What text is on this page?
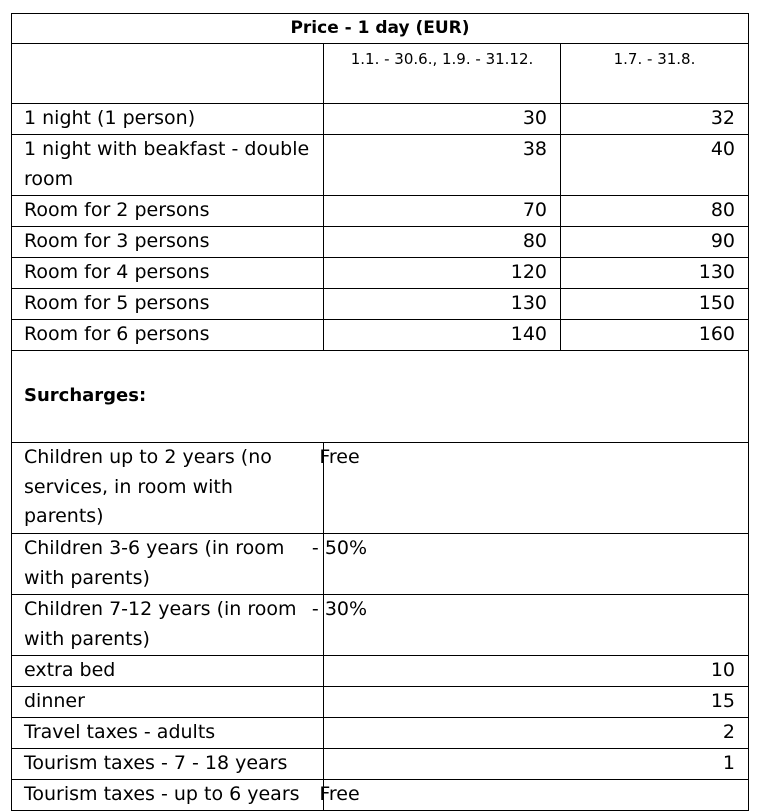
Price - 1 day (EUR)		
	1.1. - 30.6., 1.9. - 31.12.	1.7. - 31.8.
1 night (1 person)	30	32
1 night with beakfast - double room	38	40
Room for 2 persons	70	80
Room for 3 persons	80	90
Room for 4 persons	120	130
Room for 5 persons	130	150
Room for 6 persons	140	160
Surcharges:		
Children up to 2 years (no services, in room with parents)	Free	
Children 3-6 years (in room with parents)	- 50%	
Children 7-12 years (in room with parents)	- 30%	
extra bed	10	
dinner	15	
Travel taxes - adults	2	
Tourism taxes - 7 - 18 years	1	
Tourism taxes - up to 6 years	Free	
